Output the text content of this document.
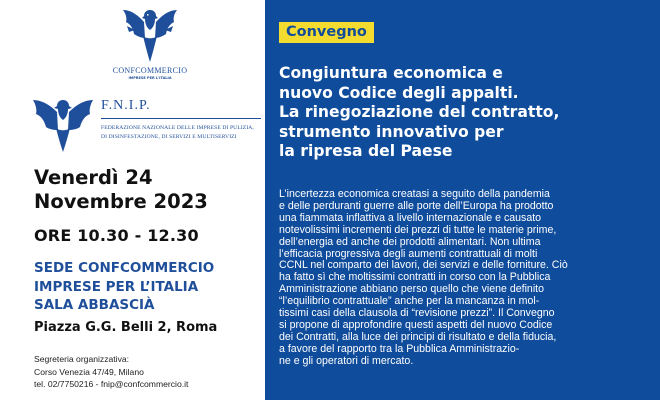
CONFCOMMERCIO
IMPRESE PER L'ITALIA
F.N.I.P.
FEDERAZIONE NAZIONALE DELLE IMPRESE DI PULIZIA,
DI DISINFESTAZIONE, DI SERVIZI E MULTISERVIZI
Venerdì 24
Novembre 2023
ORE 10.30 - 12.30
SEDE CONFCOMMERCIO
IMPRESE PER L’ITALIA
SALA ABBASCIÀ
Piazza G.G. Belli 2, Roma
Segreteria organizzativa:
Corso Venezia 47/49, Milano
tel. 02/7750216 - fnip@confcommercio.it
Convegno
Congiuntura economica e
nuovo Codice degli appalti.
La rinegoziazione del contratto,
strumento innovativo per
la ripresa del Paese
L’incertezza economica creatasi a seguito della pandemia
e delle perduranti guerre alle porte dell’Europa ha prodotto
una fiammata inflattiva a livello internazionale e causato
notevolissimi incrementi dei prezzi di tutte le materie prime,
dell’energia ed anche dei prodotti alimentari. Non ultima
l’efficacia progressiva degli aumenti contrattuali di molti
CCNL nel comparto dei lavori, dei servizi e delle forniture. Ciò
ha fatto sì che moltissimi contratti in corso con la Pubblica
Amministrazione abbiano perso quello che viene definito
“l’equilibrio contrattuale” anche per la mancanza in mol-
tissimi casi della clausola di “revisione prezzi”. Il Convegno
si propone di approfondire questi aspetti del nuovo Codice
dei Contratti, alla luce dei principi di risultato e della fiducia,
a favore del rapporto tra la Pubblica Amministrazio-
ne e gli operatori di mercato.
